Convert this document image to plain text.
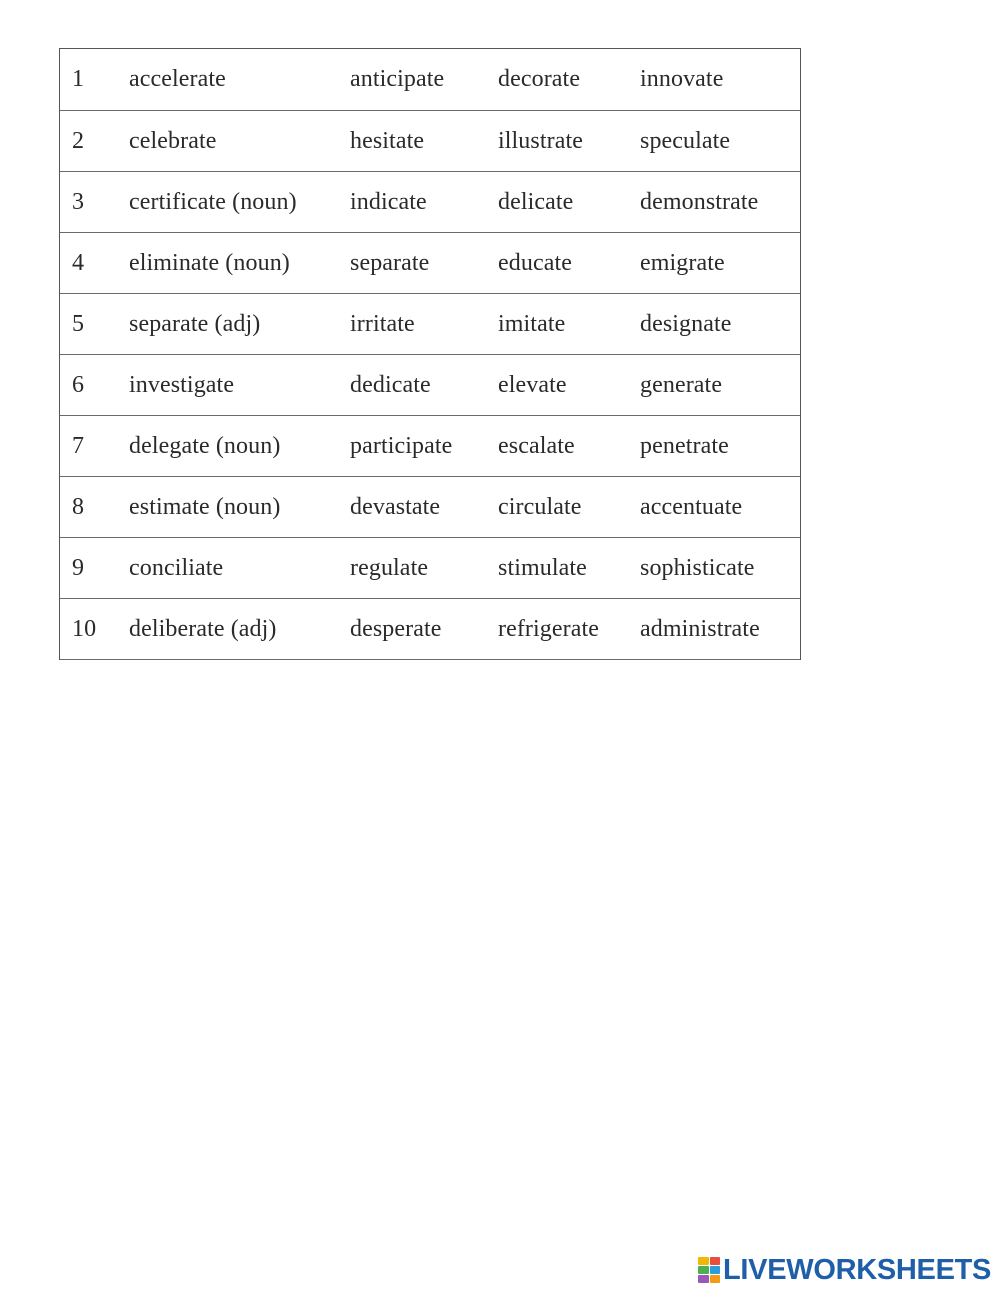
1	accelerate	anticipate	decorate	innovate
2	celebrate	hesitate	illustrate	speculate
3	certificate (noun)	indicate	delicate	demonstrate
4	eliminate (noun)	separate	educate	emigrate
5	separate (adj)	irritate	imitate	designate
6	investigate	dedicate	elevate	generate
7	delegate (noun)	participate	escalate	penetrate
8	estimate (noun)	devastate	circulate	accentuate
9	conciliate	regulate	stimulate	sophisticate
10	deliberate (adj)	desperate	refrigerate	administrate
LIVEWORKSHEETS
